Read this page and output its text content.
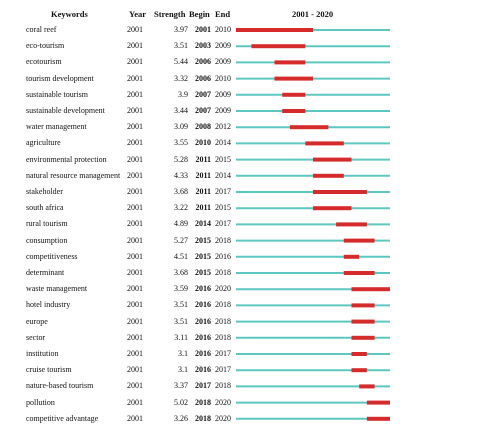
Keywords	Year Strength Begin End	2001 - 2020
coral reef	2001	3.97 2001 2010
eco-tourism	2001	3.51 2003 2009
ecotourism	2001	5.44 2006 2009
tourism development	2001	3.32 2006 2010
sustainable tourism	2001	3.9 2007 2009
sustainable development	2001	3.44 2007 2009
water management	2001	3.09 2008 2012
agriculture	2001	3.55 2010 2014
environmental protection	2001	5.28 2011 2015
natural resource management 2001	4.33 2011 2014
stakeholder	2001	3.68 2011 2017
south africa	2001	3.22 2011 2015
rural tourism	2001	4.89 2014 2017
consumption	2001	5.27 2015 2018
competitiveness	2001	4.51 2015 2016
determinant	2001	3.68 2015 2018
waste management	2001	3.59 2016 2020
hotel industry	2001	3.51 2016 2018
europe	2001	3.51 2016 2018
sector	2001	3.11 2016 2018
institution	2001	3.1 2016 2017
cruise tourism	2001	3.1 2016 2017
nature-based tourism	2001	3.37 2017 2018
pollution	2001	5.02 2018 2020
competitive advantage	2001	3.26 2018 2020
